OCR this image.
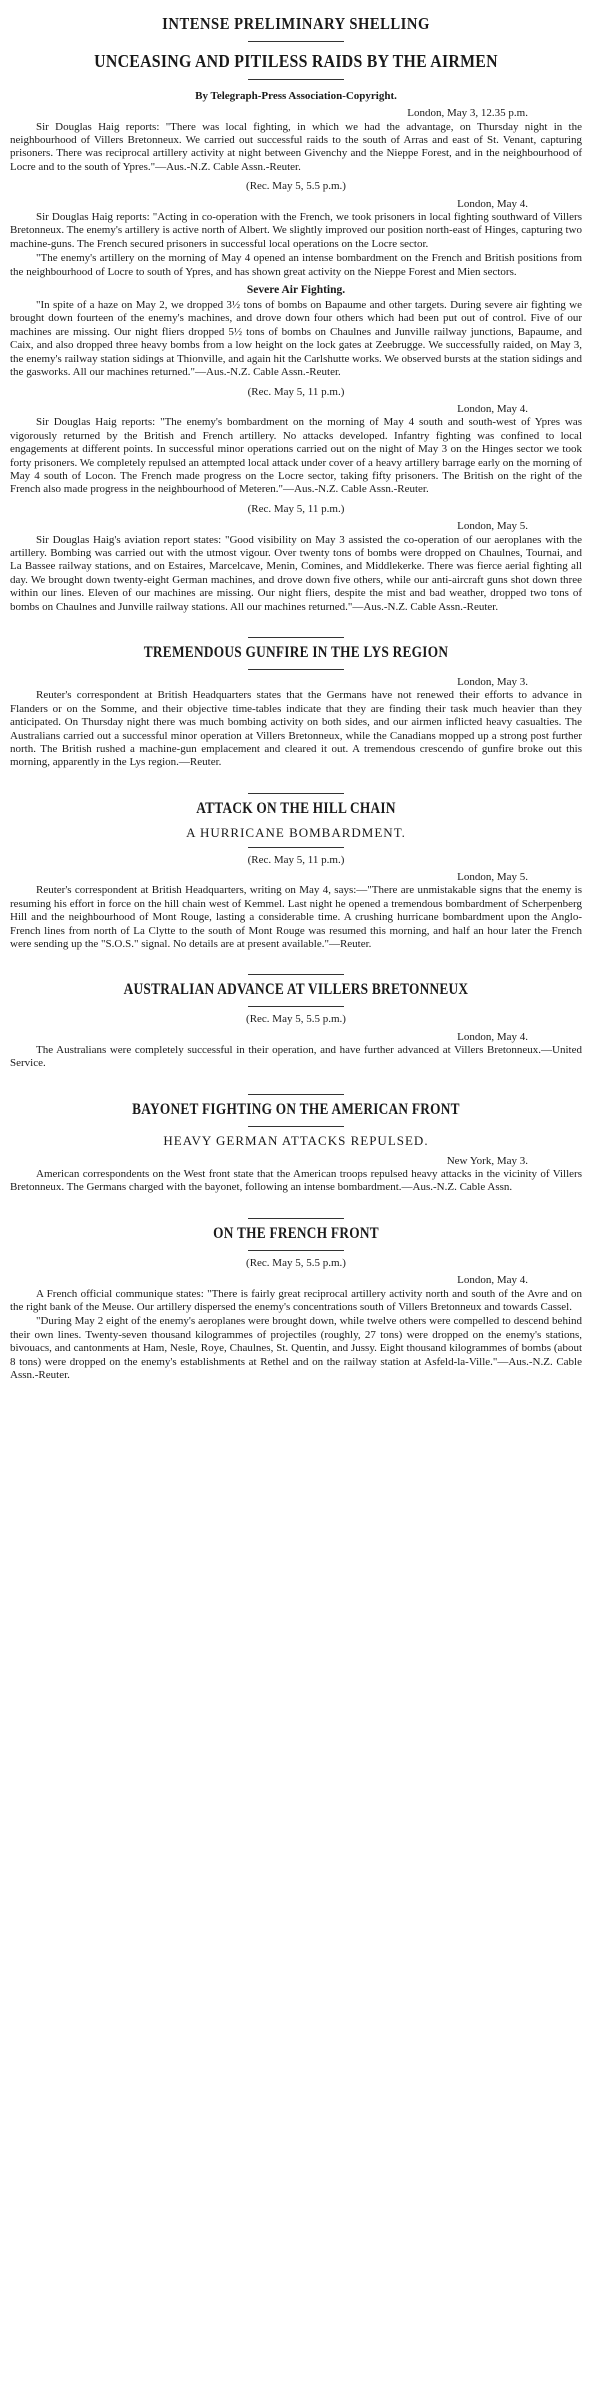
INTENSE PRELIMINARY SHELLING
UNCEASING AND PITILESS RAIDS BY THE AIRMEN
By Telegraph-Press Association-Copyright.
London, May 3, 12.35 p.m.

Sir Douglas Haig reports: "There was local fighting, in which we had the advantage, on Thursday night in the neighbourhood of Villers Bretonneux. We carried out successful raids to the south of Arras and east of St. Venant, capturing prisoners. There was reciprocal artillery activity at night between Givenchy and the Nieppe Forest, and in the neighbourhood of Locre and to the south of Ypres."—Aus.-N.Z. Cable Assn.-Reuter.

(Rec. May 5, 5.5 p.m.)
London, May 4.

Sir Douglas Haig reports: "Acting in co-operation with the French, we took prisoners in local fighting southward of Villers Bretonneux. The enemy's artillery is active north of Albert. We slightly improved our position north-east of Hinges, capturing two machine-guns. The French secured prisoners in successful local operations on the Locre sector.

"The enemy's artillery on the morning of May 4 opened an intense bombardment on the French and British positions from the neighbourhood of Locre to south of Ypres, and has shown great activity on the Nieppe Forest and Mien sectors.

Severe Air Fighting.

"In spite of a haze on May 2, we dropped 3½ tons of bombs on Bapaume and other targets. During severe air fighting we brought down fourteen of the enemy's machines, and drove down four others which had been put out of control. Five of our machines are missing. Our night fliers dropped 5½ tons of bombs on Chaulnes and Junville railway junctions, Bapaume, and Caix, and also dropped three heavy bombs from a low height on the lock gates at Zeebrugge. We successfully raided, on May 3, the enemy's railway station sidings at Thionville, and again hit the Carlshutte works. We observed bursts at the station sidings and the gasworks. All our machines returned."—Aus.-N.Z. Cable Assn.-Reuter.

(Rec. May 5, 11 p.m.)
London, May 4.

Sir Douglas Haig reports: "The enemy's bombardment on the morning of May 4 south and south-west of Ypres was vigorously returned by the British and French artillery. No attacks developed. Infantry fighting was confined to local engagements at different points. In successful minor operations carried out on the night of May 3 on the Hinges sector we took forty prisoners. We completely repulsed an attempted local attack under cover of a heavy artillery barrage early on the morning of May 4 south of Locon. The French made progress on the Locre sector, taking fifty prisoners. The British on the right of the French also made progress in the neighbourhood of Meteren."—Aus.-N.Z. Cable Assn.-Reuter.

(Rec. May 5, 11 p.m.)
London, May 5.

Sir Douglas Haig's aviation report states: "Good visibility on May 3 assisted the co-operation of our aeroplanes with the artillery. Bombing was carried out with the utmost vigour. Over twenty tons of bombs were dropped on Chaulnes, Tournai, and La Bassee railway stations, and on Estaires, Marcelcave, Menin, Comines, and Middlekerke. There was fierce aerial fighting all day. We brought down twenty-eight German machines, and drove down five others, while our anti-aircraft guns shot down three within our lines. Eleven of our machines are missing. Our night fliers, despite the mist and bad weather, dropped two tons of bombs on Chaulnes and Junville railway stations. All our machines returned."—Aus.-N.Z. Cable Assn.-Reuter.

TREMENDOUS GUNFIRE IN THE LYS REGION
London, May 3.

Reuter's correspondent at British Headquarters states that the Germans have not renewed their efforts to advance in Flanders or on the Somme, and their objective time-tables indicate that they are finding their task much heavier than they anticipated. On Thursday night there was much bombing activity on both sides, and our airmen inflicted heavy casualties. The Australians carried out a successful minor operation at Villers Bretonneux, while the Canadians mopped up a strong post further north. The British rushed a machine-gun emplacement and cleared it out. A tremendous crescendo of gunfire broke out this morning, apparently in the Lys region.—Reuter.

ATTACK ON THE HILL CHAIN
A HURRICANE BOMBARDMENT.
(Rec. May 5, 11 p.m.)
London, May 5.

Reuter's correspondent at British Headquarters, writing on May 4, says:—"There are unmistakable signs that the enemy is resuming his effort in force on the hill chain west of Kemmel. Last night he opened a tremendous bombardment of Scherpenberg Hill and the neighbourhood of Mont Rouge, lasting a considerable time. A crushing hurricane bombardment upon the Anglo-French lines from north of La Clytte to the south of Mont Rouge was resumed this morning, and half an hour later the French were sending up the "S.O.S." signal. No details are at present available."—Reuter.

AUSTRALIAN ADVANCE AT VILLERS BRETONNEUX
(Rec. May 5, 5.5 p.m.)
London, May 4.

The Australians were completely successful in their operation, and have further advanced at Villers Bretonneux.—United Service.

BAYONET FIGHTING ON THE AMERICAN FRONT
HEAVY GERMAN ATTACKS REPULSED.
New York, May 3.

American correspondents on the West front state that the American troops repulsed heavy attacks in the vicinity of Villers Bretonneux. The Germans charged with the bayonet, following an intense bombardment.—Aus.-N.Z. Cable Assn.

ON THE FRENCH FRONT
(Rec. May 5, 5.5 p.m.)
London, May 4.

A French official communique states: "There is fairly great reciprocal artillery activity north and south of the Avre and on the right bank of the Meuse. Our artillery dispersed the enemy's concentrations south of Villers Bretonneux and towards Cassel.

"During May 2 eight of the enemy's aeroplanes were brought down, while twelve others were compelled to descend behind their own lines. Twenty-seven thousand kilogrammes of projectiles (roughly, 27 tons) were dropped on the enemy's stations, bivouacs, and cantonments at Ham, Nesle, Roye, Chaulnes, St. Quentin, and Jussy. Eight thousand kilogrammes of bombs (about 8 tons) were dropped on the enemy's establishments at Rethel and on the railway station at Asfeld-la-Ville."—Aus.-N.Z. Cable Assn.-Reuter.
